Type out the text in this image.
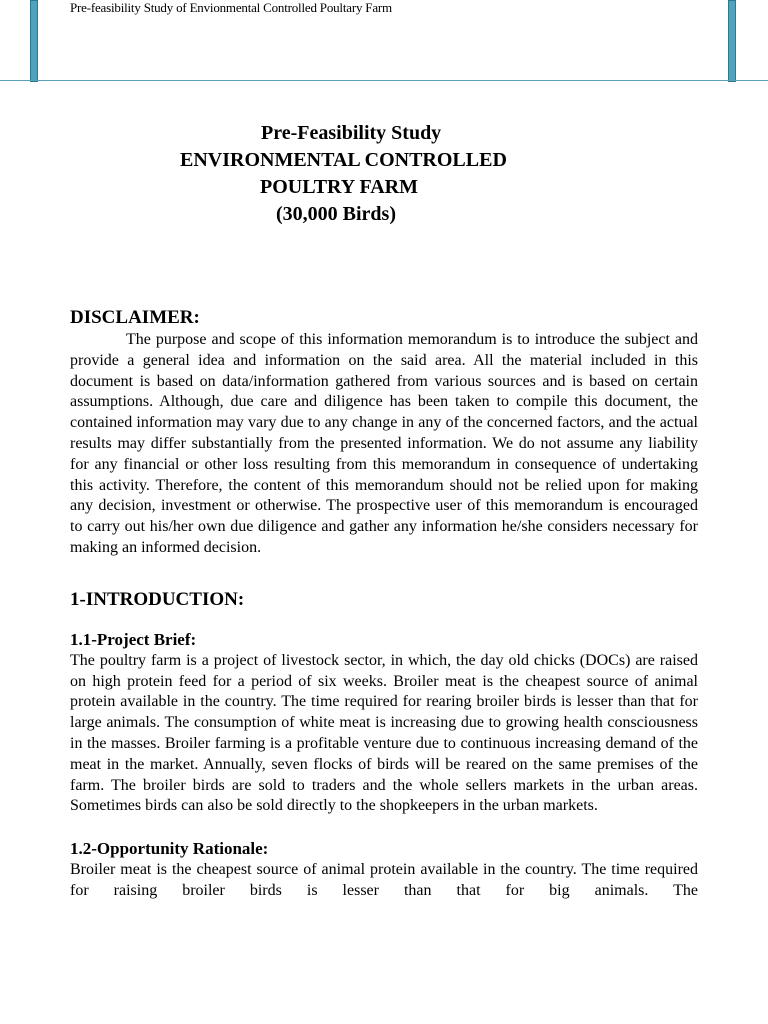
Pre-feasibility Study of Envionmental Controlled Poultary Farm
Pre-Feasibility Study
ENVIRONMENTAL CONTROLLED
POULTRY FARM
(30,000 Birds)
DISCLAIMER:

The purpose and scope of this information memorandum is to introduce the subject and provide a general idea and information on the said area. All the material included in this document is based on data/information gathered from various sources and is based on certain assumptions. Although, due care and diligence has been taken to compile this document, the contained information may vary due to any change in any of the concerned factors, and the actual results may differ substantially from the presented information. We do not assume any liability for any financial or other loss resulting from this memorandum in consequence of undertaking this activity. Therefore, the content of this memorandum should not be relied upon for making any decision, investment or otherwise. The prospective user of this memorandum is encouraged to carry out his/her own due diligence and gather any information he/she considers necessary for making an informed decision.

1-INTRODUCTION:
1.1-Project Brief:

The poultry farm is a project of livestock sector, in which, the day old chicks (DOCs) are raised on high protein feed for a period of six weeks. Broiler meat is the cheapest source of animal protein available in the country. The time required for rearing broiler birds is lesser than that for large animals. The consumption of white meat is increasing due to growing health consciousness in the masses. Broiler farming is a profitable venture due to continuous increasing demand of the meat in the market. Annually, seven flocks of birds will be reared on the same premises of the farm. The broiler birds are sold to traders and the whole sellers markets in the urban areas. Sometimes birds can also be sold directly to the shopkeepers in the urban markets.

1.2-Opportunity Rationale:

Broiler meat is the cheapest source of animal protein available in the country. The time required for raising broiler birds is lesser than that for big animals. The
